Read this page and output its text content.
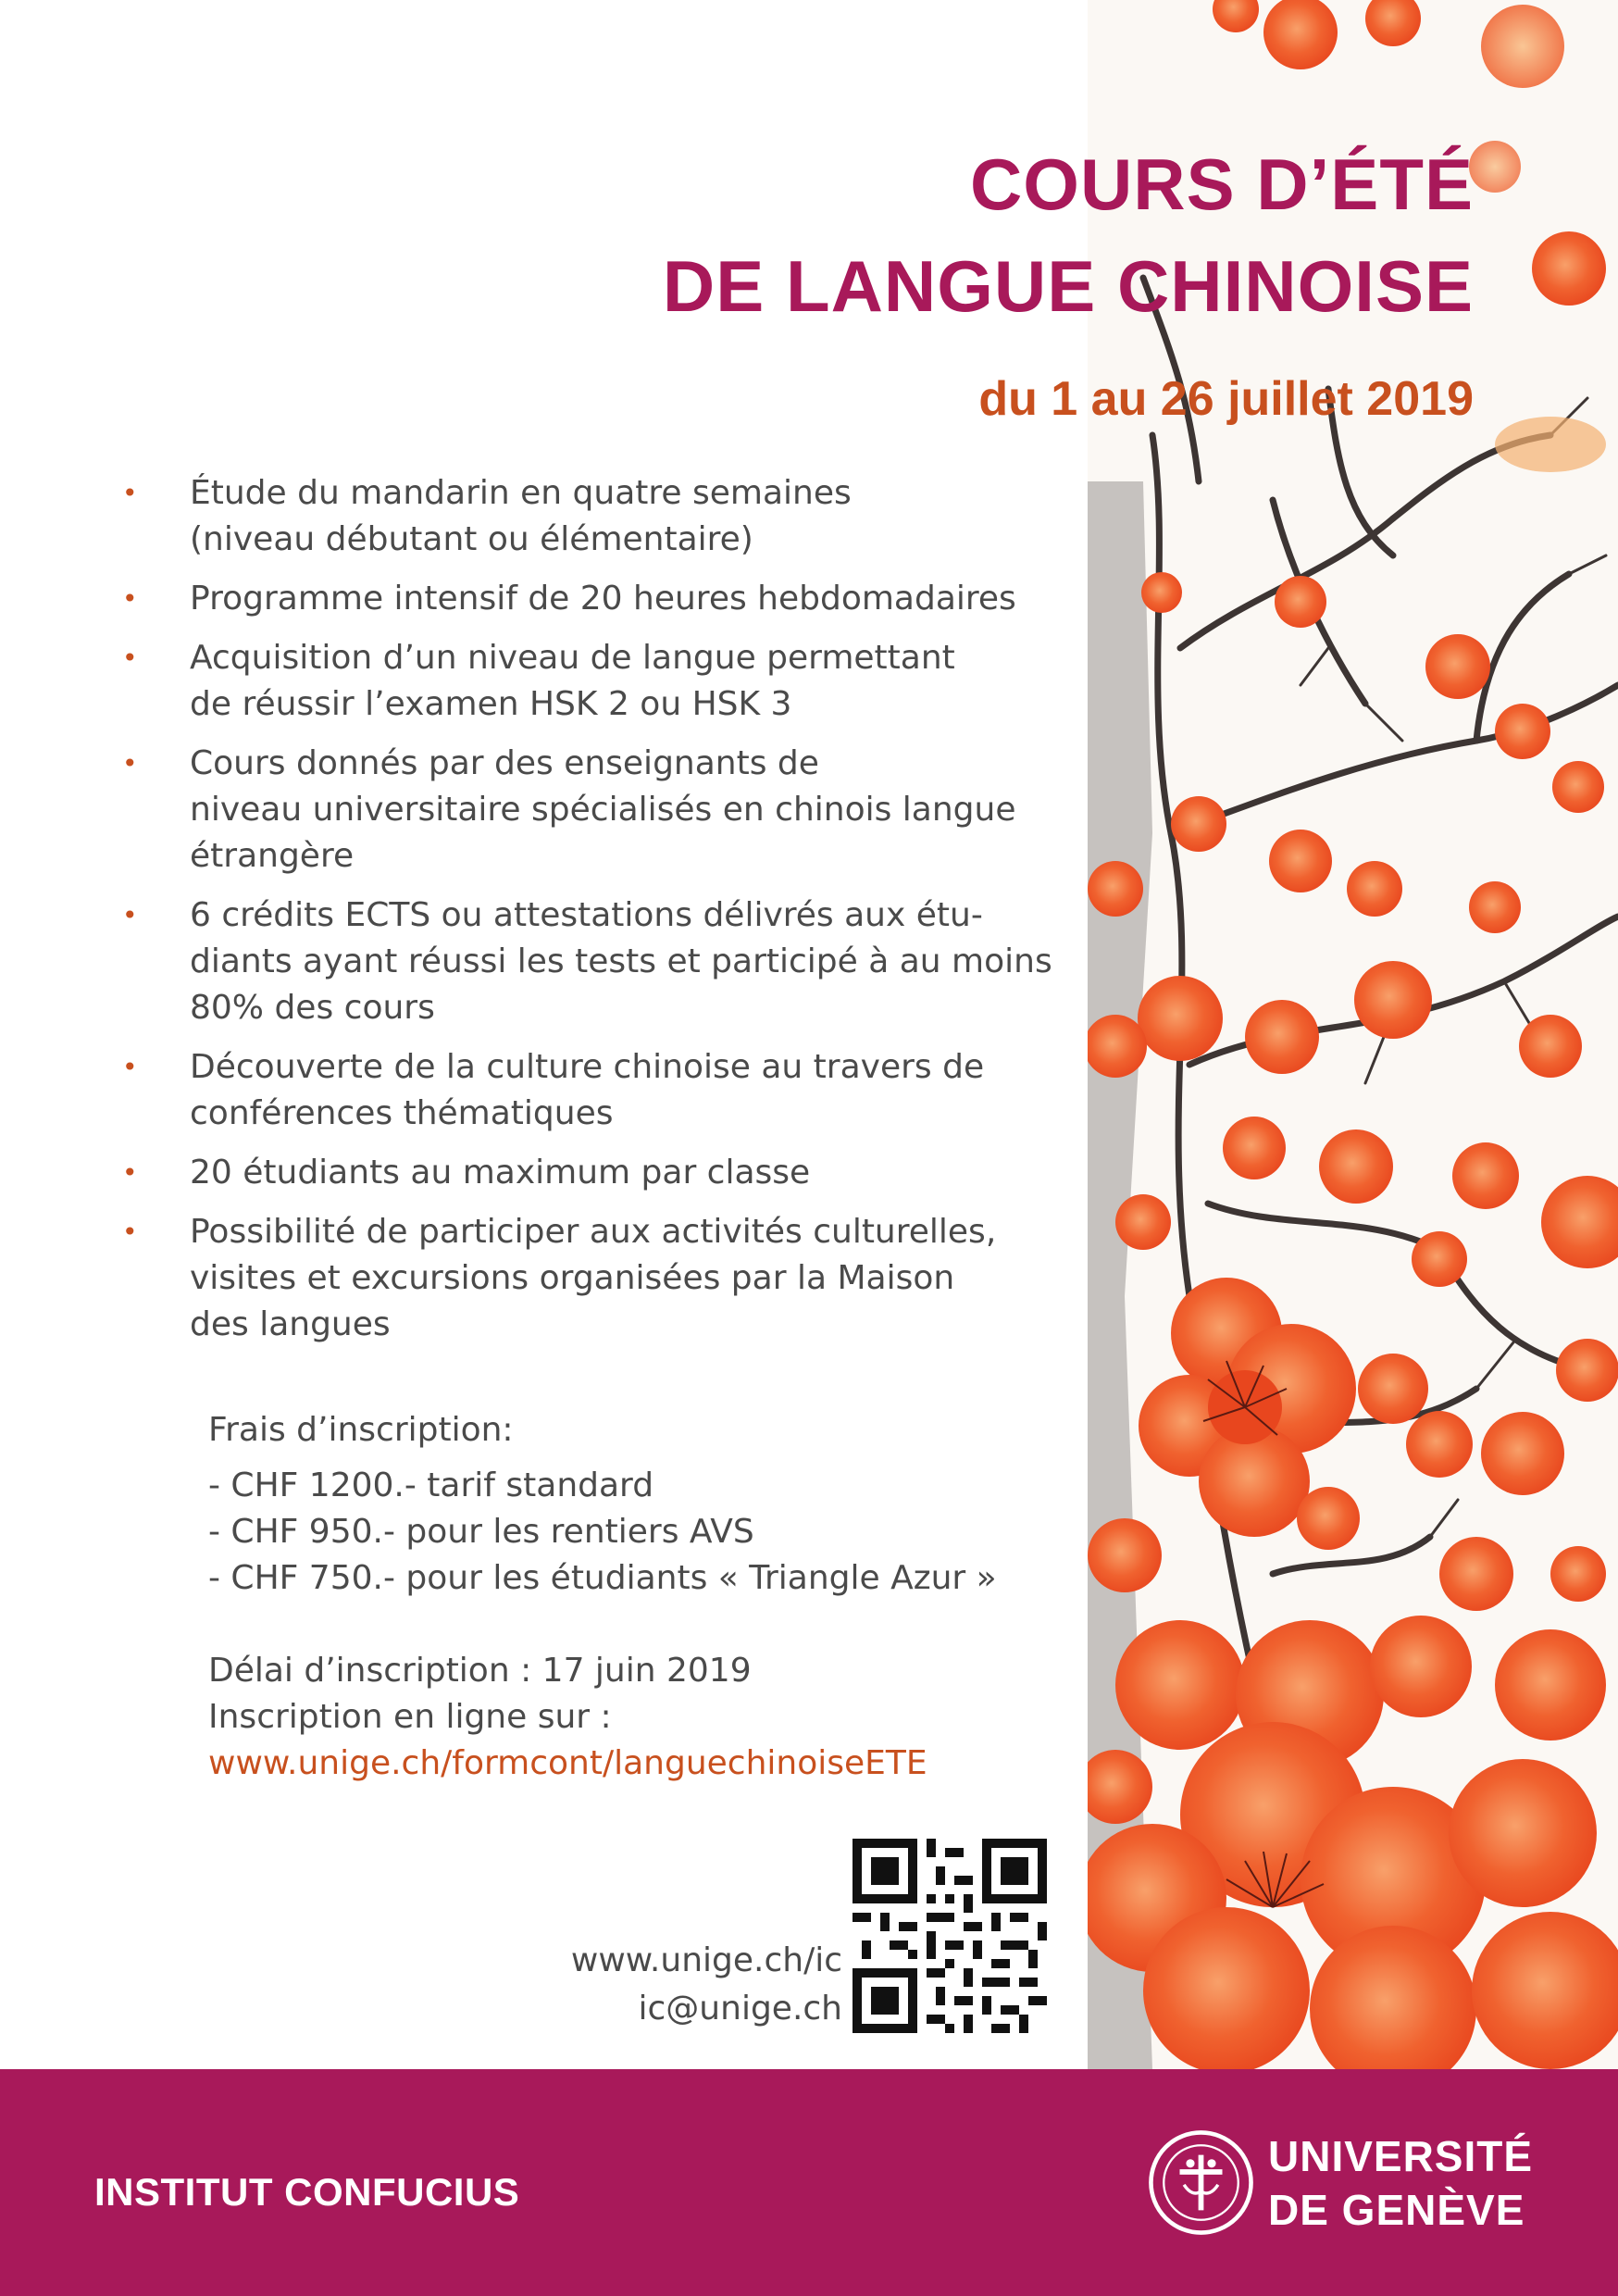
COURS D’ÉTÉ
DE LANGUE CHINOISE
du 1 au 26 juillet 2019
• Étude du mandarin en quatre semaines
(niveau débutant ou élémentaire)
• Programme intensif de 20 heures hebdomadaires
• Acquisition d’un niveau de langue permettant
de réussir l’examen HSK 2 ou HSK 3
• Cours donnés par des enseignants de
niveau universitaire spécialisés en chinois langue
étrangère
• 6 crédits ECTS ou attestations délivrés aux étu-
diants ayant réussi les tests et participé à au moins
80% des cours
• Découverte de la culture chinoise au travers de
conférences thématiques
• 20 étudiants au maximum par classe
• Possibilité de participer aux activités culturelles,
visites et excursions organisées par la Maison
des langues
Frais d’inscription:
- CHF 1200.- tarif standard
- CHF 950.- pour les rentiers AVS
- CHF 750.- pour les étudiants « Triangle Azur »
Délai d’inscription : 17 juin 2019
Inscription en ligne sur :
www.unige.ch/formcont/languechinoiseETE
www.unige.ch/ic
ic@unige.ch
INSTITUT CONFUCIUS
UNIVERSITÉ
DE GENÈVE
